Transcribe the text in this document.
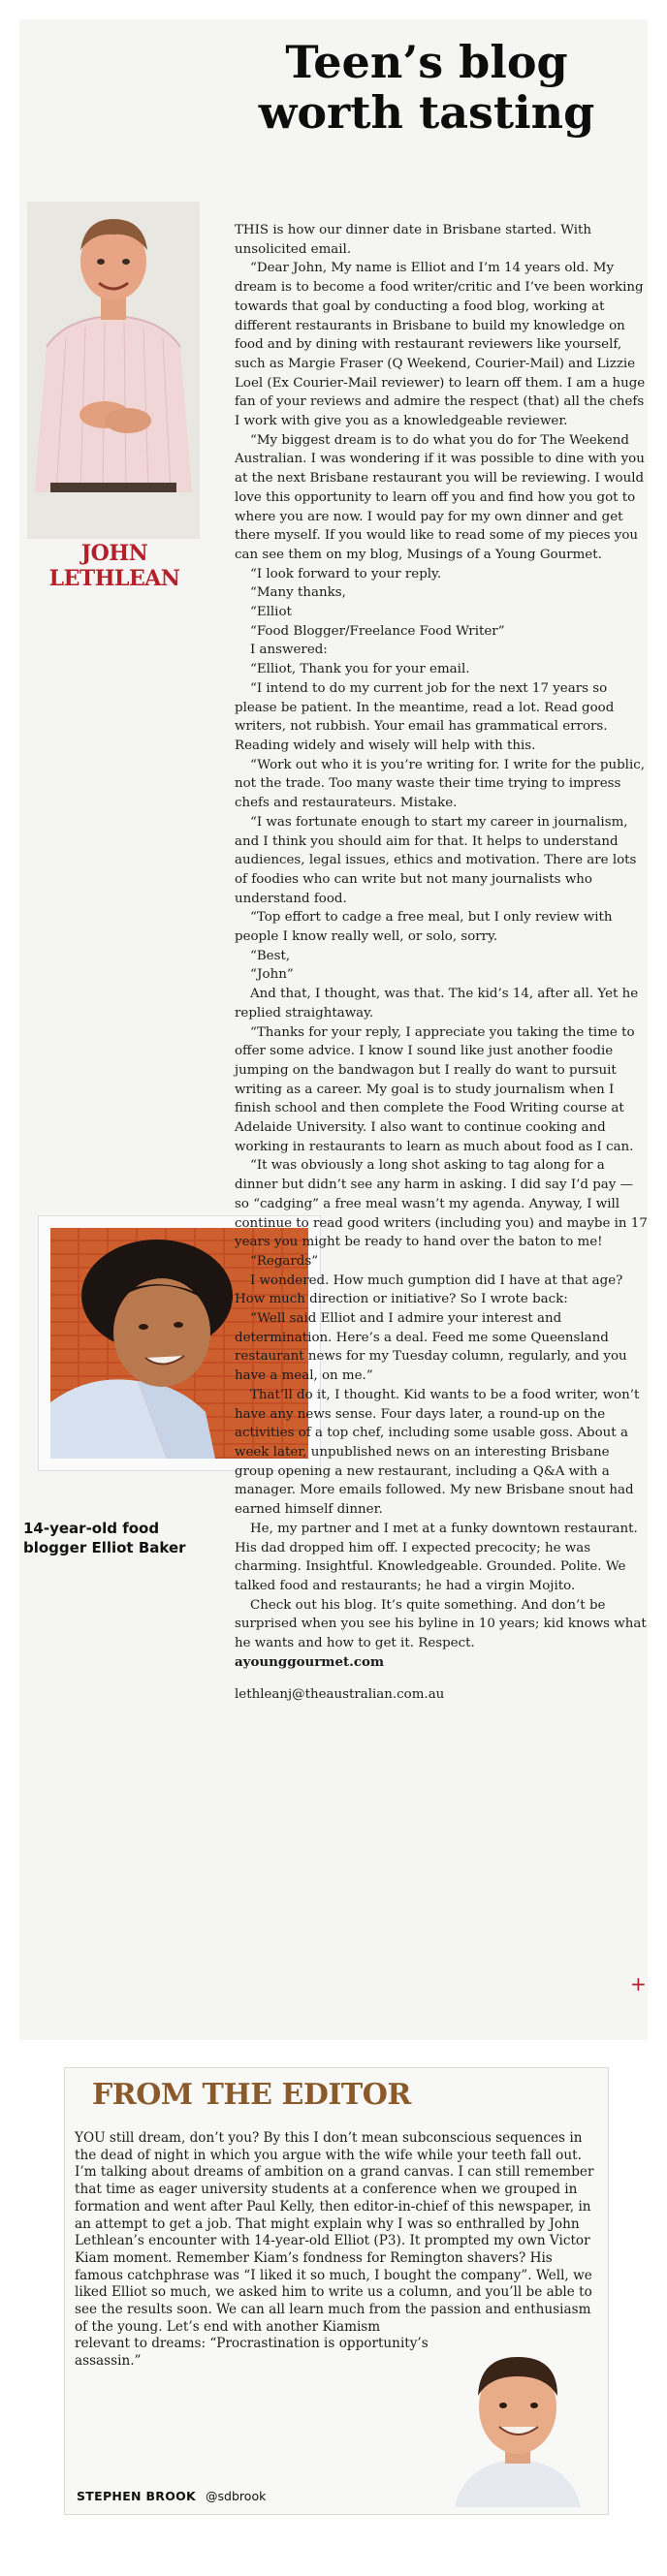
Teen’s blog worth tasting
JOHN LETHLEAN
14-year-old food blogger Elliot Baker

THIS is how our dinner date in Brisbane started. With unsolicited email.

“Dear John, My name is Elliot and I’m 14 years old. My dream is to become a food writer/critic and I’ve been working towards that goal by conducting a food blog, working at different restaurants in Brisbane to build my knowledge on food and by dining with restaurant reviewers like yourself, such as Margie Fraser (Q Weekend, Courier-Mail) and Lizzie Loel (Ex Courier-Mail reviewer) to learn off them. I am a huge fan of your reviews and admire the respect (that) all the chefs I work with give you as a knowledgeable reviewer.

“My biggest dream is to do what you do for The Weekend Australian. I was wondering if it was possible to dine with you at the next Brisbane restaurant you will be reviewing. I would love this opportunity to learn off you and find how you got to where you are now. I would pay for my own dinner and get there myself. If you would like to read some of my pieces you can see them on my blog, Musings of a Young Gourmet.

“I look forward to your reply.

“Many thanks,

“Elliot

“Food Blogger/Freelance Food Writer”

I answered:

“Elliot, Thank you for your email.

“I intend to do my current job for the next 17 years so please be patient. In the meantime, read a lot. Read good writers, not rubbish. Your email has grammatical errors. Reading widely and wisely will help with this.

“Work out who it is you’re writing for. I write for the public, not the trade. Too many waste their time trying to impress chefs and restaurateurs. Mistake.

“I was fortunate enough to start my career in journalism, and I think you should aim for that. It helps to understand audiences, legal issues, ethics and motivation. There are lots of foodies who can write but not many journalists who understand food.

“Top effort to cadge a free meal, but I only review with people I know really well, or solo, sorry.

“Best,

“John”

And that, I thought, was that. The kid’s 14, after all. Yet he replied straightaway.

“Thanks for your reply, I appreciate you taking the time to offer some advice. I know I sound like just another foodie jumping on the bandwagon but I really do want to pursuit writing as a career. My goal is to study journalism when I finish school and then complete the Food Writing course at Adelaide University. I also want to continue cooking and working in restaurants to learn as much about food as I can.

“It was obviously a long shot asking to tag along for a dinner but didn’t see any harm in asking. I did say I’d pay — so “cadging” a free meal wasn’t my agenda. Anyway, I will continue to read good writers (including you) and maybe in 17 years you might be ready to hand over the baton to me!

“Regards”

I wondered. How much gumption did I have at that age? How much direction or initiative? So I wrote back:

“Well said Elliot and I admire your interest and determination. Here’s a deal. Feed me some Queensland restaurant news for my Tuesday column, regularly, and you have a meal, on me.”

That’ll do it, I thought. Kid wants to be a food writer, won’t have any news sense. Four days later, a round-up on the activities of a top chef, including some usable goss. About a week later, unpublished news on an interesting Brisbane group opening a new restaurant, including a Q&A with a manager. More emails followed. My new Brisbane snout had earned himself dinner.

He, my partner and I met at a funky downtown restaurant. His dad dropped him off. I expected precocity; he was charming. Insightful. Knowledgeable. Grounded. Polite. We talked food and restaurants; he had a virgin Mojito.

Check out his blog. It’s quite something. And don’t be surprised when you see his byline in 10 years; kid knows what he wants and how to get it. Respect.

ayounggourmet.com

lethleanj@theaustralian.com.au

+
FROM THE EDITOR

YOU still dream, don’t you? By this I don’t mean subconscious sequences in the dead of night in which you argue with the wife while your teeth fall out. I’m talking about dreams of ambition on a grand canvas. I can still remember that time as eager university students at a conference when we grouped in formation and went after Paul Kelly, then editor-in-chief of this newspaper, in an attempt to get a job. That might explain why I was so enthralled by John Lethlean’s encounter with 14-year-old Elliot (P3). It prompted my own Victor Kiam moment. Remember Kiam’s fondness for Remington shavers? His famous catchphrase was “I liked it so much, I bought the company”. Well, we liked Elliot so much, we asked him to write us a column, and you’ll be able to see the results soon. We can all learn much from the passion and enthusiasm of the young. Let’s end with another Kiamism relevant to dreams: “Procrastination is opportunity’s assassin.”

STEPHEN BROOK @sdbrook
